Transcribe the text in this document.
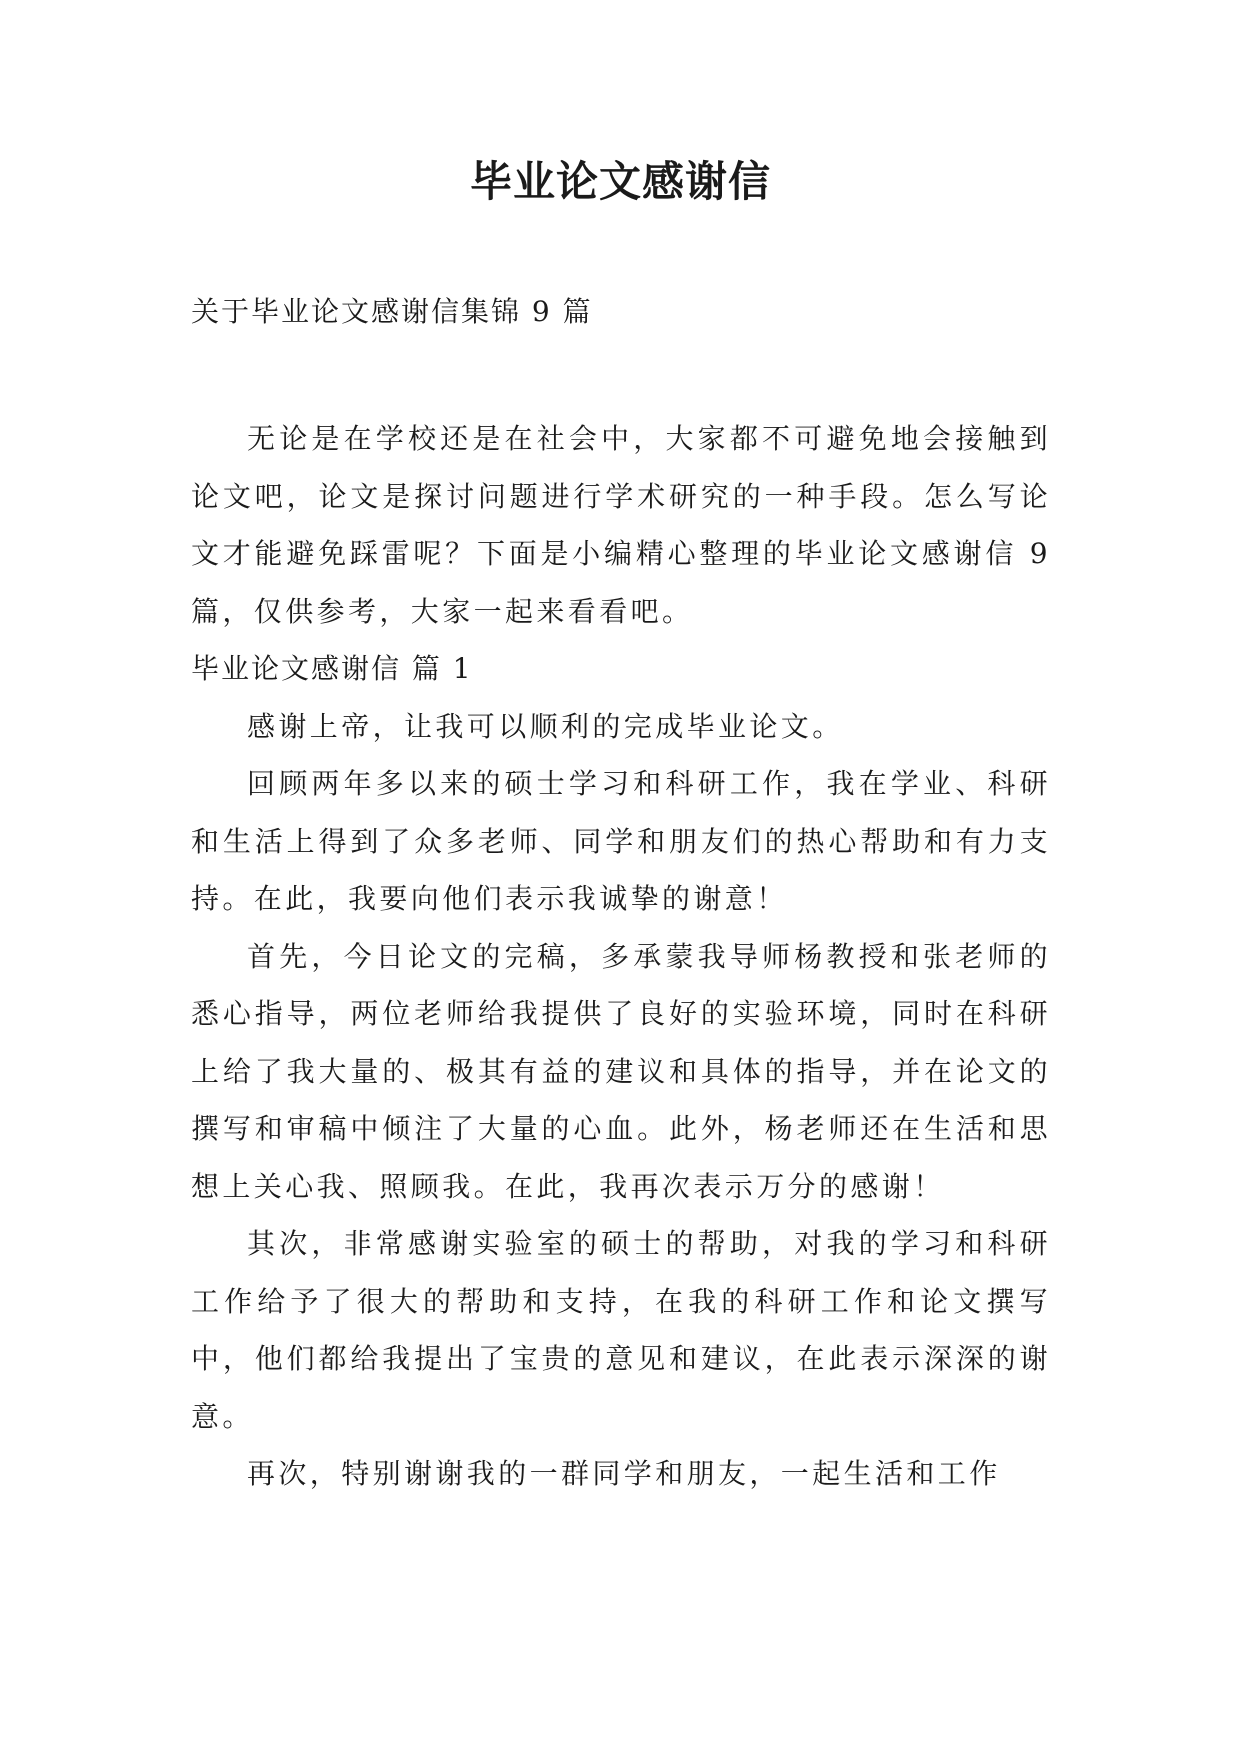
毕业论文感谢信

关于毕业论文感谢信集锦 9 篇

无论是在学校还是在社会中，大家都不可避免地会接触到论文吧，论文是探讨问题进行学术研究的一种手段。怎么写论文才能避免踩雷呢？下面是小编精心整理的毕业论文感谢信 9 篇，仅供参考，大家一起来看看吧。

毕业论文感谢信 篇 1

感谢上帝，让我可以顺利的完成毕业论文。

回顾两年多以来的硕士学习和科研工作，我在学业、科研和生活上得到了众多老师、同学和朋友们的热心帮助和有力支持。在此，我要向他们表示我诚挚的谢意！

首先，今日论文的完稿，多承蒙我导师杨教授和张老师的悉心指导，两位老师给我提供了良好的实验环境，同时在科研上给了我大量的、极其有益的建议和具体的指导，并在论文的撰写和审稿中倾注了大量的心血。此外，杨老师还在生活和思想上关心我、照顾我。在此，我再次表示万分的感谢！

其次，非常感谢实验室的硕士的帮助，对我的学习和科研工作给予了很大的帮助和支持，在我的科研工作和论文撰写中，他们都给我提出了宝贵的意见和建议，在此表示深深的谢意。

再次，特别谢谢我的一群同学和朋友，一起生活和工作
